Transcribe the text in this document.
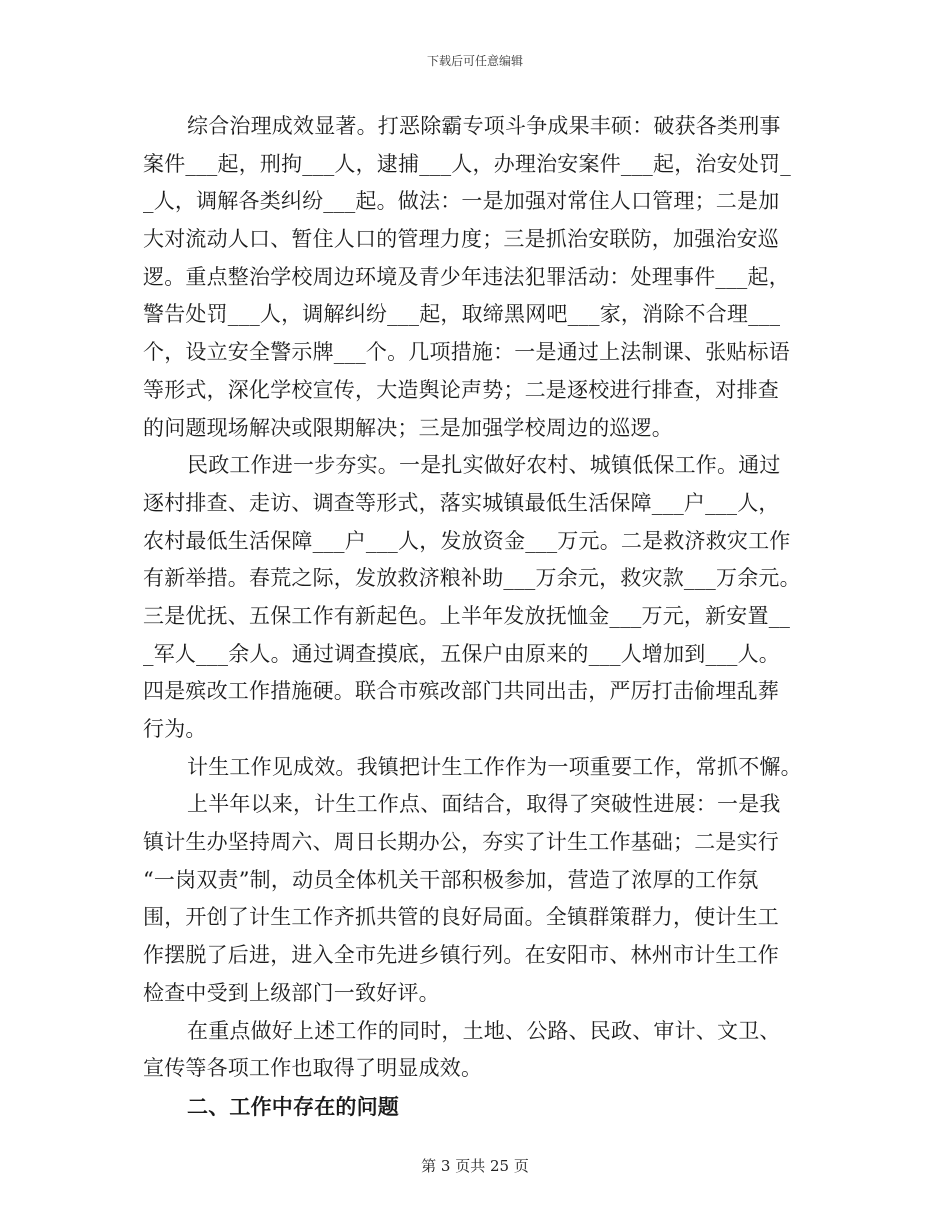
下载后可任意编辑
综合治理成效显著。打恶除霸专项斗争成果丰硕：破获各类刑事
案件___起，刑拘___人，逮捕___人，办理治安案件___起，治安处罚_
_人，调解各类纠纷___起。做法：一是加强对常住人口管理；二是加
大对流动人口、暂住人口的管理力度；三是抓治安联防，加强治安巡
逻。重点整治学校周边环境及青少年违法犯罪活动：处理事件___起，
警告处罚___人，调解纠纷___起，取缔黑网吧___家，消除不合理___
个，设立安全警示牌___个。几项措施：一是通过上法制课、张贴标语
等形式，深化学校宣传，大造舆论声势；二是逐校进行排查，对排查
的问题现场解决或限期解决；三是加强学校周边的巡逻。
民政工作进一步夯实。一是扎实做好农村、城镇低保工作。通过
逐村排查、走访、调查等形式，落实城镇最低生活保障___户___人，
农村最低生活保障___户___人，发放资金___万元。二是救济救灾工作
有新举措。春荒之际，发放救济粮补助___万余元，救灾款___万余元。
三是优抚、五保工作有新起色。上半年发放抚恤金___万元，新安置__
_军人___余人。通过调查摸底，五保户由原来的___人增加到___人。
四是殡改工作措施硬。联合市殡改部门共同出击，严厉打击偷埋乱葬
行为。
计生工作见成效。我镇把计生工作作为一项重要工作，常抓不懈。
上半年以来，计生工作点、面结合，取得了突破性进展：一是我
镇计生办坚持周六、周日长期办公，夯实了计生工作基础；二是实行
“一岗双责”制，动员全体机关干部积极参加，营造了浓厚的工作氛
围，开创了计生工作齐抓共管的良好局面。全镇群策群力，使计生工
作摆脱了后进，进入全市先进乡镇行列。在安阳市、林州市计生工作
检查中受到上级部门一致好评。
在重点做好上述工作的同时，土地、公路、民政、审计、文卫、
宣传等各项工作也取得了明显成效。
二、工作中存在的问题
第 3 页共 25 页
